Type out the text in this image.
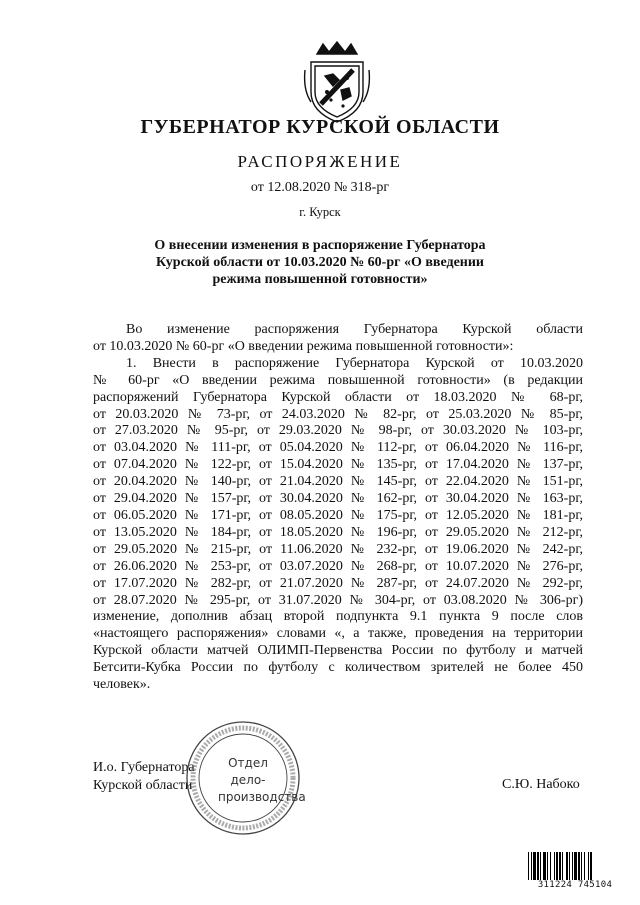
ГУБЕРНАТОР КУРСКОЙ ОБЛАСТИ
РАСПОРЯЖЕНИЕ
от 12.08.2020 № 318-рг
г. Курск
О внесении изменения в распоряжение Губернатора
Курской области от 10.03.2020 № 60-рг «О введении
режима повышенной готовности»

Во изменение распоряжения Губернатора Курской области

от 10.03.2020 № 60-рг «О введении режима повышенной готовности»:

1. Внести в распоряжение Губернатора Курской от 10.03.2020

№ 60-рг «О введении режима повышенной готовности» (в редакции

распоряжений Губернатора Курской области от 18.03.2020 № 68-рг,

от 20.03.2020 № 73-рг, от 24.03.2020 № 82-рг, от 25.03.2020 № 85-рг,

от 27.03.2020 № 95-рг, от 29.03.2020 № 98-рг, от 30.03.2020 № 103-рг,

от 03.04.2020 № 111-рг, от 05.04.2020 № 112-рг, от 06.04.2020 № 116-рг,

от 07.04.2020 № 122-рг, от 15.04.2020 № 135-рг, от 17.04.2020 № 137-рг,

от 20.04.2020 № 140-рг, от 21.04.2020 № 145-рг, от 22.04.2020 № 151-рг,

от 29.04.2020 № 157-рг, от 30.04.2020 № 162-рг, от 30.04.2020 № 163-рг,

от 06.05.2020 № 171-рг, от 08.05.2020 № 175-рг, от 12.05.2020 № 181-рг,

от 13.05.2020 № 184-рг, от 18.05.2020 № 196-рг, от 29.05.2020 № 212-рг,

от 29.05.2020 № 215-рг, от 11.06.2020 № 232-рг, от 19.06.2020 № 242-рг,

от 26.06.2020 № 253-рг, от 03.07.2020 № 268-рг, от 10.07.2020 № 276-рг,

от 17.07.2020 № 282-рг, от 21.07.2020 № 287-рг, от 24.07.2020 № 292-рг,

от 28.07.2020 № 295-рг, от 31.07.2020 № 304-рг, от 03.08.2020 № 306-рг)

изменение, дополнив абзац второй подпункта 9.1 пункта 9 после слов

«настоящего распоряжения» словами «, а также, проведения на территории

Курской области матчей ОЛИМП-Первенства России по футболу и матчей

Бетсити-Кубка России по футболу с количеством зрителей не более 450

человек».

И.о. Губернатора
Курской области	С.Ю. Набоко
Отдел
дело-
производства
311224 745104
